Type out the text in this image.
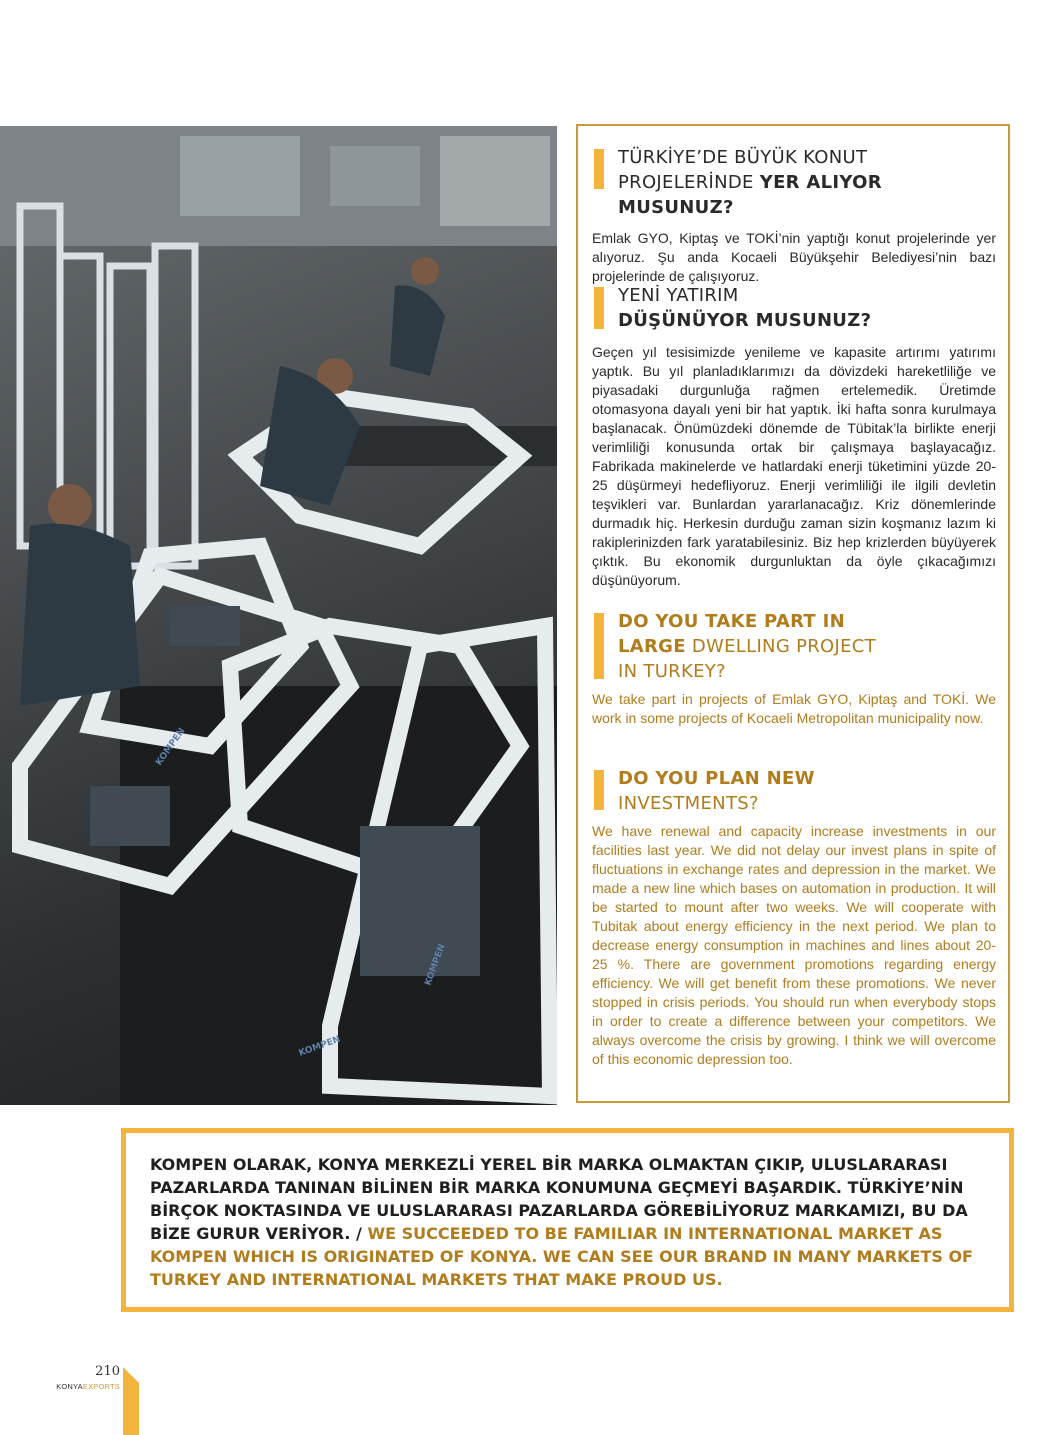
KOMPEN
KOMPEN
KOMPEN
TÜRKİYE’DE BÜYÜK KONUT
PROJELERİNDE YER ALIYOR MUSUNUZ?

Emlak GYO, Kiptaş ve TOKİ’nin yaptığı konut projelerinde yer alıyoruz. Şu anda Kocaeli Büyükşehir Belediyesi’nin bazı projelerinde de çalışıyoruz.

YENİ YATIRIM
DÜŞÜNÜYOR MUSUNUZ?

Geçen yıl tesisimizde yenileme ve kapasite artırımı yatırımı yaptık. Bu yıl planladıklarımızı da dövizdeki hareketliliğe ve piyasadaki durgunluğa rağmen ertelemedik. Üretimde otomasyona dayalı yeni bir hat yaptık. İki hafta sonra kurulmaya başlanacak. Önümüzdeki dönemde de Tübitak’la birlikte enerji verimliliği konusunda ortak bir çalışmaya başlayacağız. Fabrikada makinelerde ve hatlardaki enerji tüketimini yüzde 20-25 düşürmeyi hedefliyoruz. Enerji verimliliği ile ilgili devletin teşvikleri var. Bunlardan yararlanacağız. Kriz dönemlerinde durmadık hiç. Herkesin durduğu zaman sizin koşmanız lazım ki rakiplerinizden fark yaratabilesiniz. Biz hep krizlerden büyüyerek çıktık. Bu ekonomik durgunluktan da öyle çıkacağımızı düşünüyorum.

DO YOU TAKE PART IN
LARGE DWELLING PROJECT
IN TURKEY?

We take part in projects of Emlak GYO, Kiptaş and TOKİ. We work in some projects of Kocaeli Metropolitan municipality now.

DO YOU PLAN NEW
INVESTMENTS?

We have renewal and capacity increase investments in our facilities last year. We did not delay our invest plans in spite of fluctuations in exchange rates and depression in the market. We made a new line which bases on automation in production. It will be started to mount after two weeks. We will cooperate with Tubitak about energy efficiency in the next period. We plan to decrease energy consumption in machines and lines about 20-25 %. There are government promotions regarding energy efficiency. We will get benefit from these promotions. We never stopped in crisis periods. You should run when everybody stops in order to create a difference between your competitors. We always overcome the crisis by growing. I think we will overcome of this economic depression too.

KOMPEN OLARAK, KONYA MERKEZLİ YEREL BİR MARKA OLMAKTAN ÇIKIP, ULUSLARARASI PAZARLARDA TANINAN BİLİNEN BİR MARKA KONUMUNA GEÇMEYİ BAŞARDIK. TÜRKİYE’NİN BİRÇOK NOKTASINDA VE ULUSLARARASI PAZARLARDA GÖREBİLİYORUZ MARKAMIZI, BU DA BİZE GURUR VERİYOR. / WE SUCCEEDED TO BE FAMILIAR IN INTERNATIONAL MARKET AS KOMPEN WHICH IS ORIGINATED OF KONYA. WE CAN SEE OUR BRAND IN MANY MARKETS OF TURKEY AND INTERNATIONAL MARKETS THAT MAKE PROUD US.

210
KONYAEXPORTS
